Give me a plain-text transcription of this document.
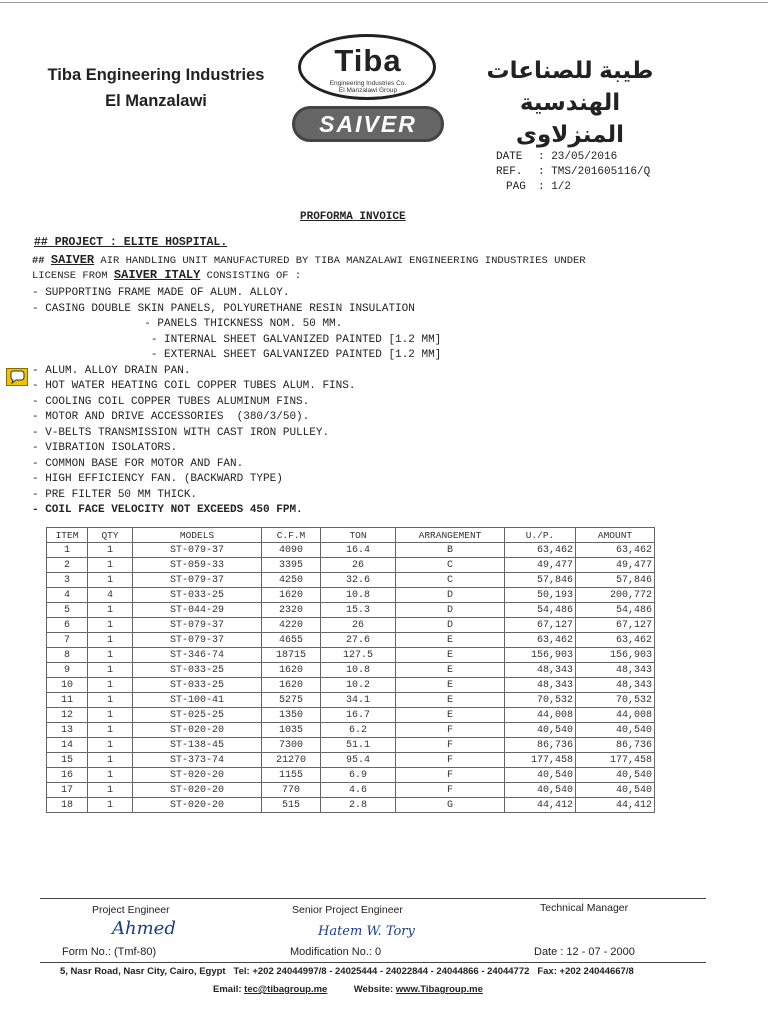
Tiba Engineering Industries
El Manzalawi
Tiba
Engineering Industries Co.
El Manzalawi Group
SAIVER
طيبة للصناعات الهندسية
المنزلاوى
DATE : 23/05/2016
REF. : TMS/201605116/Q
PAG : 1/2
PROFORMA INVOICE
## PROJECT : ELITE HOSPITAL.
## SAIVER AIR HANDLING UNIT MANUFACTURED BY TIBA MANZALAWI ENGINEERING INDUSTRIES UNDER
LICENSE FROM SAIVER ITALY CONSISTING OF :
- SUPPORTING FRAME MADE OF ALUM. ALLOY.
- CASING DOUBLE SKIN PANELS, POLYURETHANE RESIN INSULATION
- PANELS THICKNESS NOM. 50 MM.
- INTERNAL SHEET GALVANIZED PAINTED [1.2 MM]
- EXTERNAL SHEET GALVANIZED PAINTED [1.2 MM]
- ALUM. ALLOY DRAIN PAN.
- HOT WATER HEATING COIL COPPER TUBES ALUM. FINS.
- COOLING COIL COPPER TUBES ALUMINUM FINS.
- MOTOR AND DRIVE ACCESSORIES  (380/3/50).
- V-BELTS TRANSMISSION WITH CAST IRON PULLEY.
- VIBRATION ISOLATORS.
- COMMON BASE FOR MOTOR AND FAN.
- HIGH EFFICIENCY FAN. (BACKWARD TYPE)
- PRE FILTER 50 MM THICK.
- COIL FACE VELOCITY NOT EXCEEDS 450 FPM.
ITEM	QTY	MODELS	C.F.M	TON	ARRANGEMENT	U./P.	AMOUNT
1	1	ST-079-37	4090	16.4	B	63,462	63,462
2	1	ST-059-33	3395	26	C	49,477	49,477
3	1	ST-079-37	4250	32.6	C	57,846	57,846
4	4	ST-033-25	1620	10.8	D	50,193	200,772
5	1	ST-044-29	2320	15.3	D	54,486	54,486
6	1	ST-079-37	4220	26	D	67,127	67,127
7	1	ST-079-37	4655	27.6	E	63,462	63,462
8	1	ST-346-74	18715	127.5	E	156,903	156,903
9	1	ST-033-25	1620	10.8	E	48,343	48,343
10	1	ST-033-25	1620	10.2	E	48,343	48,343
11	1	ST-100-41	5275	34.1	E	70,532	70,532
12	1	ST-025-25	1350	16.7	E	44,008	44,008
13	1	ST-020-20	1035	6.2	F	40,540	40,540
14	1	ST-138-45	7300	51.1	F	86,736	86,736
15	1	ST-373-74	21270	95.4	F	177,458	177,458
16	1	ST-020-20	1155	6.9	F	40,540	40,540
17	1	ST-020-20	770	4.6	F	40,540	40,540
18	1	ST-020-20	515	2.8	G	44,412	44,412
Project Engineer	Senior Project Engineer	Technical Manager
Ahmed	Hatem W. Tory
Form No.: (Tmf-80)	Modification No.: 0	Date : 12 - 07 - 2000
5, Nasr Road, Nasr City, Cairo, Egypt Tel: +202 24044997/8 - 24025444 - 24022844 - 24044866 - 24044772 Fax: +202 24044667/8
Email: tec@tibagroup.me	Website: www.Tibagroup.me
